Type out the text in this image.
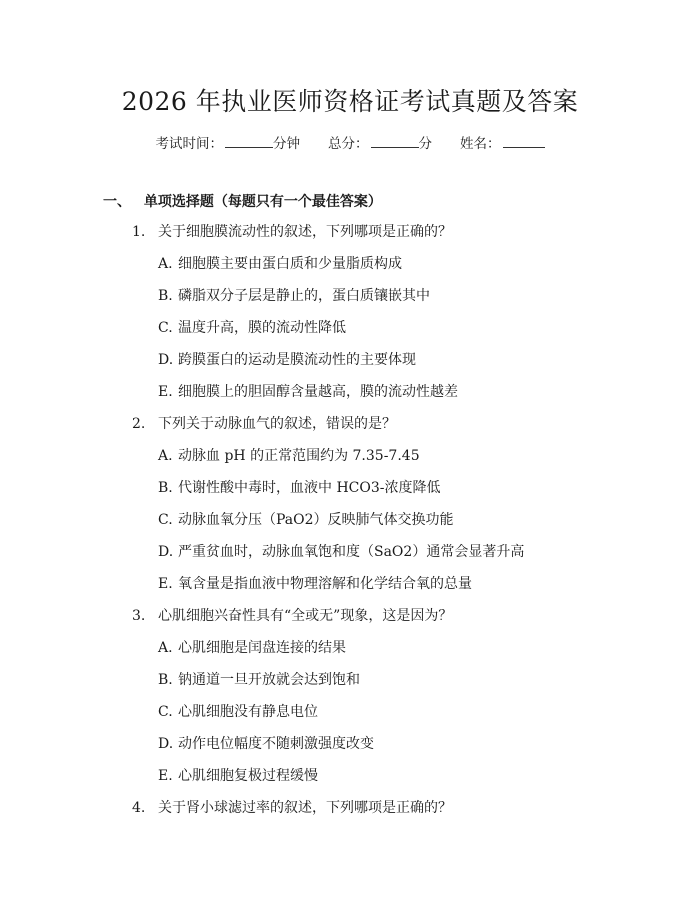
2026 年执业医师资格证考试真题及答案
考试时间：	分钟 总分：	分 姓名：
一、 单项选择题（每题只有一个最佳答案）
1. 关于细胞膜流动性的叙述，下列哪项是正确的？
A. 细胞膜主要由蛋白质和少量脂质构成
B. 磷脂双分子层是静止的，蛋白质镶嵌其中
C. 温度升高，膜的流动性降低
D. 跨膜蛋白的运动是膜流动性的主要体现
E. 细胞膜上的胆固醇含量越高，膜的流动性越差
2. 下列关于动脉血气的叙述，错误的是？
A. 动脉血 pH 的正常范围约为 7.35-7.45
B. 代谢性酸中毒时，血液中 HCO3-浓度降低
C. 动脉血氧分压（PaO2）反映肺气体交换功能
D. 严重贫血时，动脉血氧饱和度（SaO2）通常会显著升高
E. 氧含量是指血液中物理溶解和化学结合氧的总量
3. 心肌细胞兴奋性具有“全或无”现象，这是因为？
A. 心肌细胞是闰盘连接的结果
B. 钠通道一旦开放就会达到饱和
C. 心肌细胞没有静息电位
D. 动作电位幅度不随刺激强度改变
E. 心肌细胞复极过程缓慢
4. 关于肾小球滤过率的叙述，下列哪项是正确的？
